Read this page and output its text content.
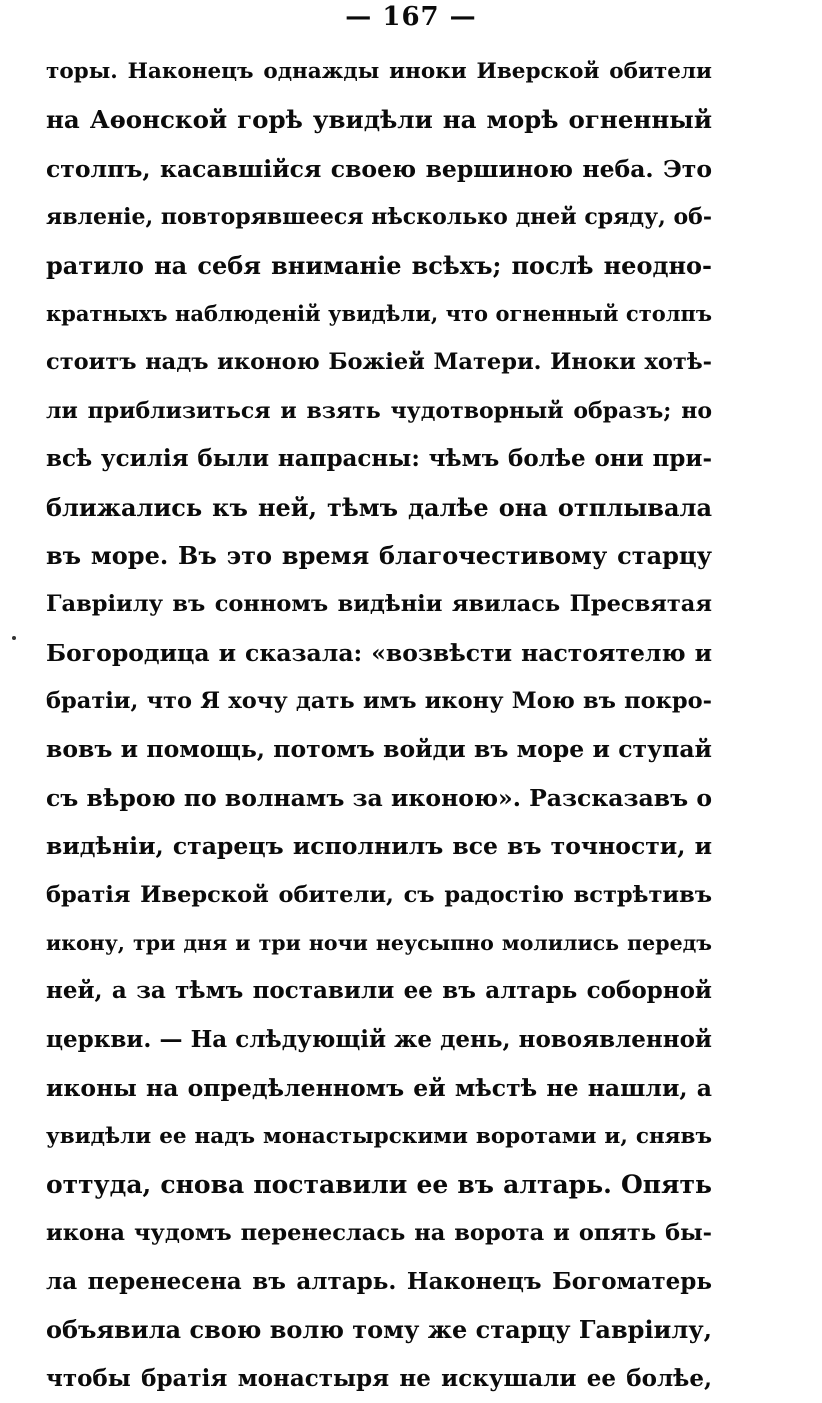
— 167 —
торы. Наконецъ однажды иноки Иверской обители
на Аѳонской горѣ увидѣли на морѣ огненный
столпъ, касавшійся своею вершиною неба. Это
явленіе, повторявшееся нѣсколько дней сряду, об-
ратило на себя вниманіе всѣхъ; послѣ неодно-
кратныхъ наблюденій увидѣли, что огненный столпъ
стоитъ надъ иконою Божіей Матери. Иноки хотѣ-
ли приблизиться и взять чудотворный образъ; но
всѣ усилія были напрасны: чѣмъ болѣе они при-
ближались къ ней, тѣмъ далѣе она отплывала
въ море. Въ это время благочестивому старцу
Гавріилу въ сонномъ видѣніи явилась Пресвятая
Богородица и сказала: «возвѣсти настоятелю и
братіи, что Я хочу дать имъ икону Мою въ покро-
вовъ и помощь, потомъ войди въ море и ступай
съ вѣрою по волнамъ за иконою». Разсказавъ о
видѣніи, старецъ исполнилъ все въ точности, и
братія Иверской обители, съ радостію встрѣтивъ
икону, три дня и три ночи неусыпно молились передъ
ней, а за тѣмъ поставили ее въ алтарь соборной
церкви. — На слѣдующій же день, новоявленной
иконы на опредѣленномъ ей мѣстѣ не нашли, а
увидѣли ее надъ монастырскими воротами и, снявъ
оттуда, снова поставили ее въ алтарь. Опять
икона чудомъ перенеслась на ворота и опять бы-
ла перенесена въ алтарь. Наконецъ Богоматерь
объявила свою волю тому же старцу Гавріилу,
чтобы братія монастыря не искушали ее болѣе,
